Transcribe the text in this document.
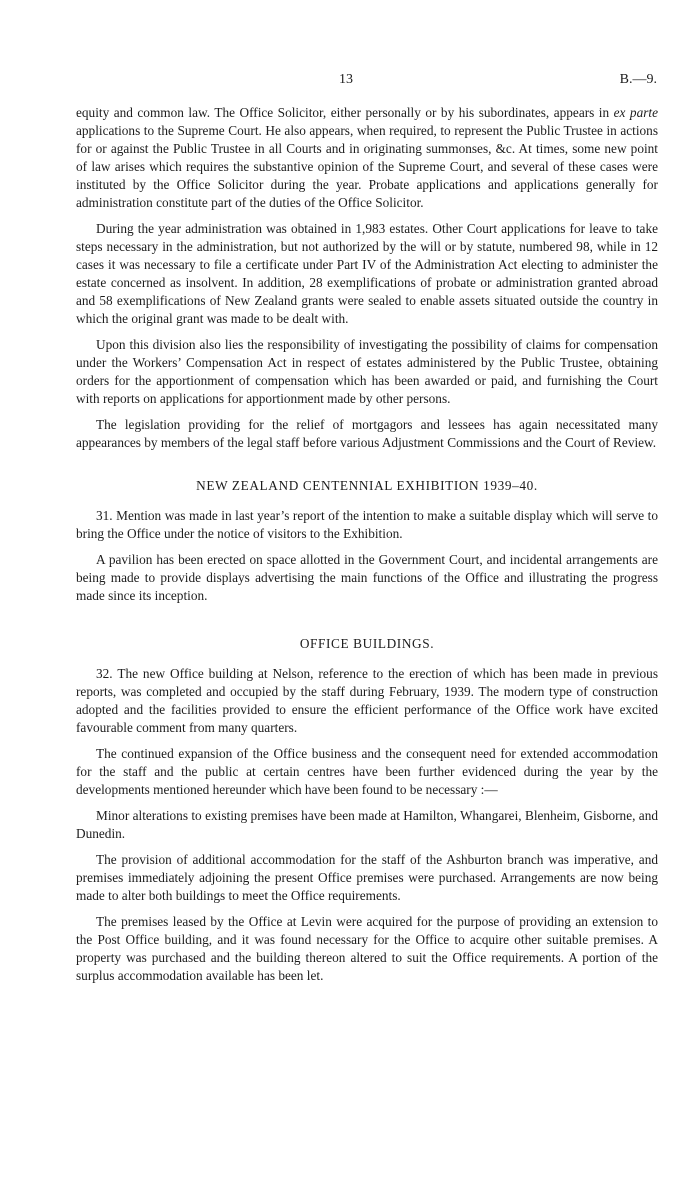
13	B.—9.

equity and common law. The Office Solicitor, either personally or by his subordinates, appears in ex parte applications to the Supreme Court. He also appears, when required, to represent the Public Trustee in actions for or against the Public Trustee in all Courts and in originating summonses, &c. At times, some new point of law arises which requires the substantive opinion of the Supreme Court, and several of these cases were instituted by the Office Solicitor during the year. Probate applications and applications generally for administration constitute part of the duties of the Office Solicitor.

During the year administration was obtained in 1,983 estates. Other Court applications for leave to take steps necessary in the administration, but not authorized by the will or by statute, numbered 98, while in 12 cases it was necessary to file a certificate under Part IV of the Administration Act electing to administer the estate concerned as insolvent. In addition, 28 exemplifications of probate or administration granted abroad and 58 exemplifications of New Zealand grants were sealed to enable assets situated outside the country in which the original grant was made to be dealt with.

Upon this division also lies the responsibility of investigating the possibility of claims for compensation under the Workers’ Compensation Act in respect of estates administered by the Public Trustee, obtaining orders for the apportionment of compensation which has been awarded or paid, and furnishing the Court with reports on applications for apportionment made by other persons.

The legislation providing for the relief of mortgagors and lessees has again necessitated many appearances by members of the legal staff before various Adjustment Commissions and the Court of Review.

NEW ZEALAND CENTENNIAL EXHIBITION 1939–40.

31. Mention was made in last year’s report of the intention to make a suitable display which will serve to bring the Office under the notice of visitors to the Exhibition.

A pavilion has been erected on space allotted in the Government Court, and incidental arrangements are being made to provide displays advertising the main functions of the Office and illustrating the progress made since its inception.

OFFICE BUILDINGS.

32. The new Office building at Nelson, reference to the erection of which has been made in previous reports, was completed and occupied by the staff during February, 1939. The modern type of construction adopted and the facilities provided to ensure the efficient performance of the Office work have excited favourable comment from many quarters.

The continued expansion of the Office business and the consequent need for extended accommodation for the staff and the public at certain centres have been further evidenced during the year by the developments mentioned hereunder which have been found to be necessary :—

Minor alterations to existing premises have been made at Hamilton, Whangarei, Blenheim, Gisborne, and Dunedin.

The provision of additional accommodation for the staff of the Ashburton branch was imperative, and premises immediately adjoining the present Office premises were purchased. Arrangements are now being made to alter both buildings to meet the Office requirements.

The premises leased by the Office at Levin were acquired for the purpose of providing an extension to the Post Office building, and it was found necessary for the Office to acquire other suitable premises. A property was purchased and the building thereon altered to suit the Office requirements. A portion of the surplus accommodation available has been let.
